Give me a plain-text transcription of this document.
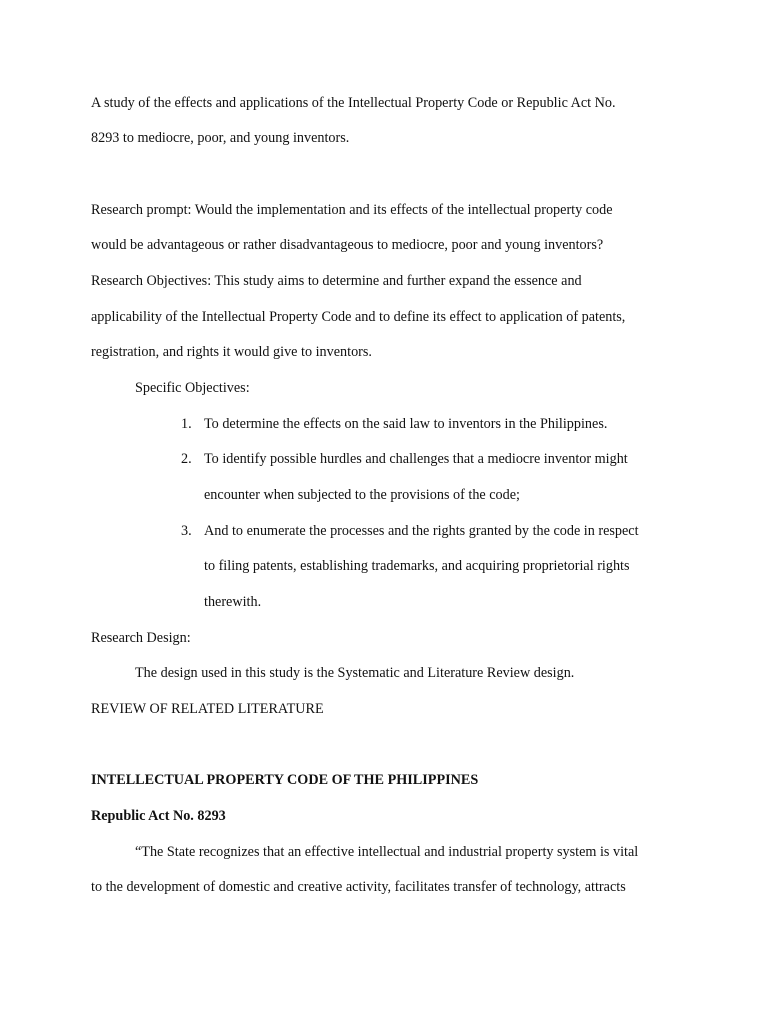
A study of the effects and applications of the Intellectual Property Code or Republic Act No.
8293 to mediocre, poor, and young inventors.
Research prompt: Would the implementation and its effects of the intellectual property code
would be advantageous or rather disadvantageous to mediocre, poor and young inventors?
Research Objectives: This study aims to determine and further expand the essence and
applicability of the Intellectual Property Code and to define its effect to application of patents,
registration, and rights it would give to inventors.
Specific Objectives:
1. To determine the effects on the said law to inventors in the Philippines.
2. To identify possible hurdles and challenges that a mediocre inventor might
encounter when subjected to the provisions of the code;
3. And to enumerate the processes and the rights granted by the code in respect
to filing patents, establishing trademarks, and acquiring proprietorial rights
therewith.
Research Design:
The design used in this study is the Systematic and Literature Review design.
REVIEW OF RELATED LITERATURE
INTELLECTUAL PROPERTY CODE OF THE PHILIPPINES
Republic Act No. 8293
“The State recognizes that an effective intellectual and industrial property system is vital
to the development of domestic and creative activity, facilitates transfer of technology, attracts
